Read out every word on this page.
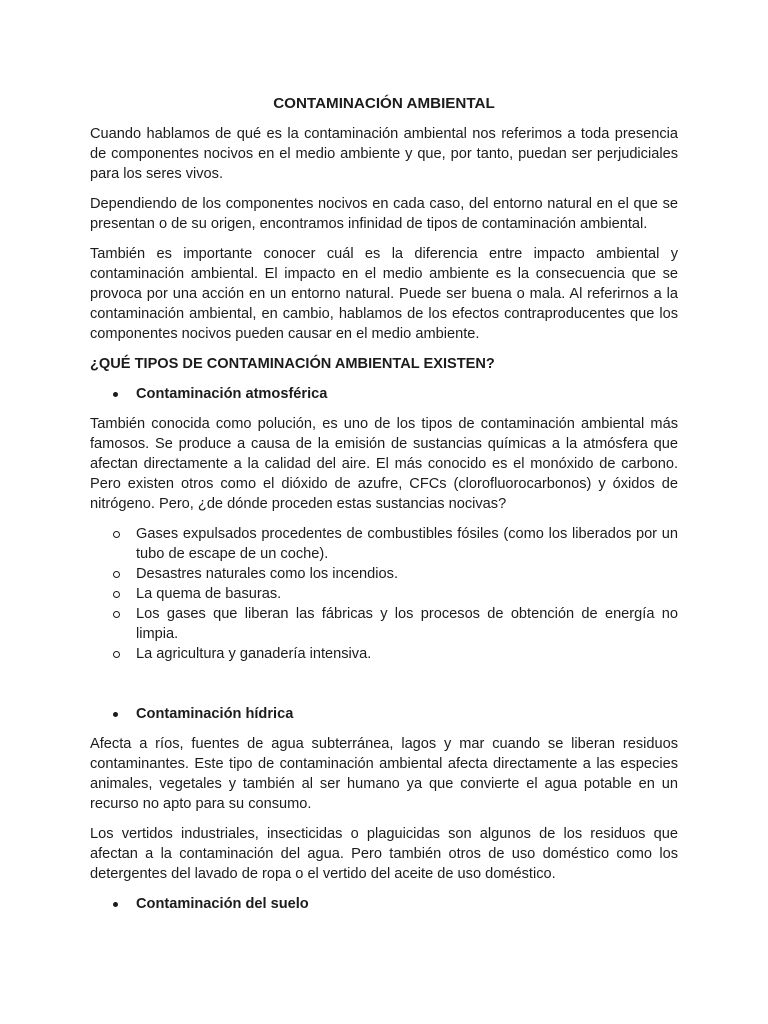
CONTAMINACIÓN AMBIENTAL

Cuando hablamos de qué es la contaminación ambiental nos referimos a toda presencia de componentes nocivos en el medio ambiente y que, por tanto, puedan ser perjudiciales para los seres vivos.

Dependiendo de los componentes nocivos en cada caso, del entorno natural en el que se presentan o de su origen, encontramos infinidad de tipos de contaminación ambiental.

También es importante conocer cuál es la diferencia entre impacto ambiental y contaminación ambiental. El impacto en el medio ambiente es la consecuencia que se provoca por una acción en un entorno natural. Puede ser buena o mala. Al referirnos a la contaminación ambiental, en cambio, hablamos de los efectos contraproducentes que los componentes nocivos pueden causar en el medio ambiente.

¿QUÉ TIPOS DE CONTAMINACIÓN AMBIENTAL EXISTEN?
Contaminación atmosférica

También conocida como polución, es uno de los tipos de contaminación ambiental más famosos. Se produce a causa de la emisión de sustancias químicas a la atmósfera que afectan directamente a la calidad del aire. El más conocido es el monóxido de carbono. Pero existen otros como el dióxido de azufre, CFCs (clorofluorocarbonos) y óxidos de nitrógeno. Pero, ¿de dónde proceden estas sustancias nocivas?

Gases expulsados procedentes de combustibles fósiles (como los liberados por un tubo de escape de un coche).
Desastres naturales como los incendios.
La quema de basuras.
Los gases que liberan las fábricas y los procesos de obtención de energía no limpia.
La agricultura y ganadería intensiva.
Contaminación hídrica

Afecta a ríos, fuentes de agua subterránea, lagos y mar cuando se liberan residuos contaminantes. Este tipo de contaminación ambiental afecta directamente a las especies animales, vegetales y también al ser humano ya que convierte el agua potable en un recurso no apto para su consumo.

Los vertidos industriales, insecticidas o plaguicidas son algunos de los residuos que afectan a la contaminación del agua. Pero también otros de uso doméstico como los detergentes del lavado de ropa o el vertido del aceite de uso doméstico.

Contaminación del suelo
